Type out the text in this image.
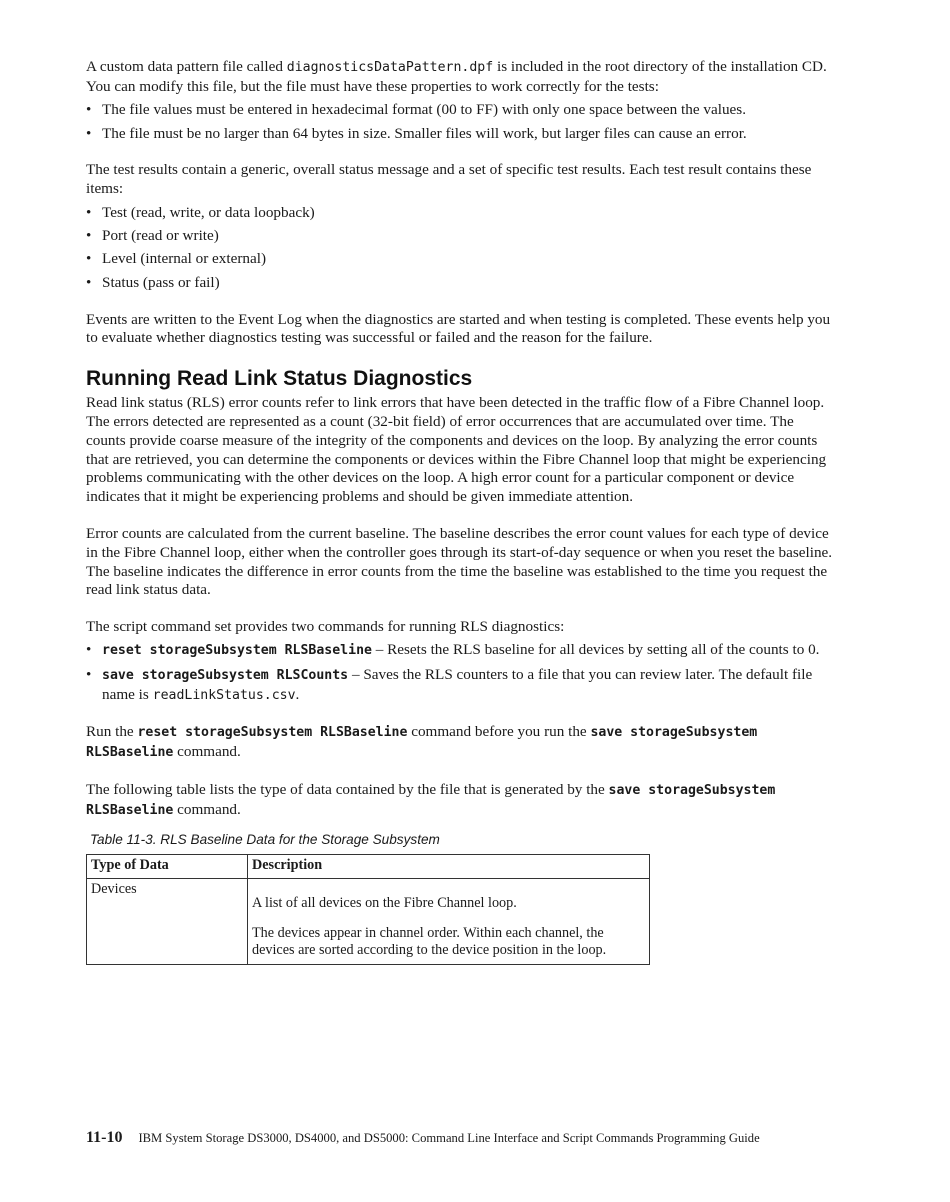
A custom data pattern file called diagnosticsDataPattern.dpf is included in the root directory of the installation CD. You can modify this file, but the file must have these properties to work correctly for the tests:

• The file values must be entered in hexadecimal format (00 to FF) with only one space between the values.
• The file must be no larger than 64 bytes in size. Smaller files will work, but larger files can cause an error.

The test results contain a generic, overall status message and a set of specific test results. Each test result contains these items:

• Test (read, write, or data loopback)
• Port (read or write)
• Level (internal or external)
• Status (pass or fail)

Events are written to the Event Log when the diagnostics are started and when testing is completed. These events help you to evaluate whether diagnostics testing was successful or failed and the reason for the failure.

Running Read Link Status Diagnostics

Read link status (RLS) error counts refer to link errors that have been detected in the traffic flow of a Fibre Channel loop. The errors detected are represented as a count (32-bit field) of error occurrences that are accumulated over time. The counts provide coarse measure of the integrity of the components and devices on the loop. By analyzing the error counts that are retrieved, you can determine the components or devices within the Fibre Channel loop that might be experiencing problems communicating with the other devices on the loop. A high error count for a particular component or device indicates that it might be experiencing problems and should be given immediate attention.

Error counts are calculated from the current baseline. The baseline describes the error count values for each type of device in the Fibre Channel loop, either when the controller goes through its start-of-day sequence or when you reset the baseline. The baseline indicates the difference in error counts from the time the baseline was established to the time you request the read link status data.

The script command set provides two commands for running RLS diagnostics:

• reset storageSubsystem RLSBaseline – Resets the RLS baseline for all devices by setting all of the counts to 0.
• save storageSubsystem RLSCounts – Saves the RLS counters to a file that you can review later. The default file name is readLinkStatus.csv.

Run the reset storageSubsystem RLSBaseline command before you run the save storageSubsystem RLSBaseline command.

The following table lists the type of data contained by the file that is generated by the save storageSubsystem RLSBaseline command.

Table 11-3. RLS Baseline Data for the Storage Subsystem
Type of Data	Description
Devices	A list of all devices on the Fibre Channel loop.
The devices appear in channel order. Within each channel, the devices are sorted according to the device position in the loop.
11-10 IBM System Storage DS3000, DS4000, and DS5000: Command Line Interface and Script Commands Programming Guide
